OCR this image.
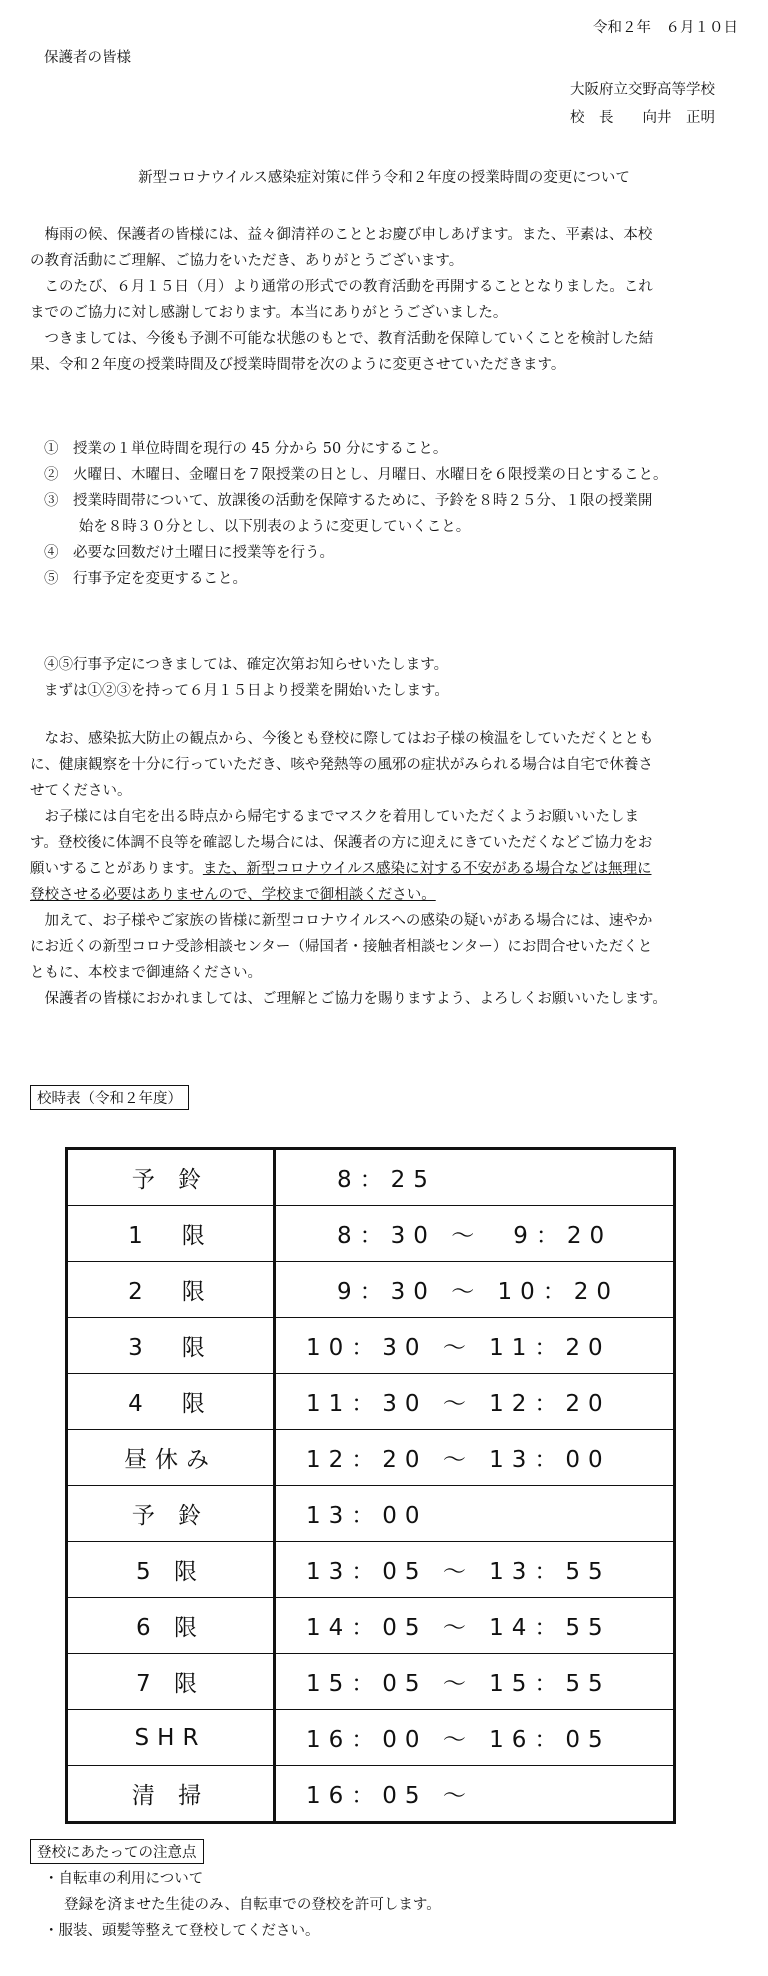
令和２年　６月１０日
保護者の皆様
大阪府立交野高等学校
校　長　　向井　正明
新型コロナウイルス感染症対策に伴う令和２年度の授業時間の変更について
梅雨の候、保護者の皆様には、益々御清祥のこととお慶び申しあげます。また、平素は、本校
の教育活動にご理解、ご協力をいただき、ありがとうございます。
このたび、６月１５日（月）より通常の形式での教育活動を再開することとなりました。これ
までのご協力に対し感謝しております。本当にありがとうございました。
つきましては、今後も予測不可能な状態のもとで、教育活動を保障していくことを検討した結
果、令和２年度の授業時間及び授業時間帯を次のように変更させていただきます。
①　授業の１単位時間を現行の 45 分から 50 分にすること。
②　火曜日、木曜日、金曜日を７限授業の日とし、月曜日、水曜日を６限授業の日とすること。
③　授業時間帯について、放課後の活動を保障するために、予鈴を８時２５分、１限の授業開
始を８時３０分とし、以下別表のように変更していくこと。
④　必要な回数だけ土曜日に授業等を行う。
⑤　行事予定を変更すること。
④⑤行事予定につきましては、確定次第お知らせいたします。
まずは①②③を持って６月１５日より授業を開始いたします。
なお、感染拡大防止の観点から、今後とも登校に際してはお子様の検温をしていただくととも
に、健康観察を十分に行っていただき、咳や発熱等の風邪の症状がみられる場合は自宅で休養さ
せてください。
お子様には自宅を出る時点から帰宅するまでマスクを着用していただくようお願いいたしま
す。登校後に体調不良等を確認した場合には、保護者の方に迎えにきていただくなどご協力をお
願いすることがあります。また、新型コロナウイルス感染に対する不安がある場合などは無理に
登校させる必要はありませんので、学校まで御相談ください。
加えて、お子様やご家族の皆様に新型コロナウイルスへの感染の疑いがある場合には、速やか
にお近くの新型コロナ受診相談センター（帰国者・接触者相談センター）にお問合せいただくと
ともに、本校まで御連絡ください。
保護者の皆様におかれましては、ご理解とご協力を賜りますよう、よろしくお願いいたします。
校時表（令和２年度）
予 鈴	　8：25
1　限	　8：30 〜　9：20
2　限	　9：30 〜 10：20
3　限	10：30 〜 11：20
4　限	11：30 〜 12：20
昼休み	12：20 〜 13：00
予 鈴	13：00
5 限	13：05 〜 13：55
6 限	14：05 〜 14：55
7 限	15：05 〜 15：55
SHR	16：00 〜 16：05
清 掃	16：05 〜
登校にあたっての注意点
・自転車の利用について
登録を済ませた生徒のみ、自転車での登校を許可します。
・服装、頭髪等整えて登校してください。
